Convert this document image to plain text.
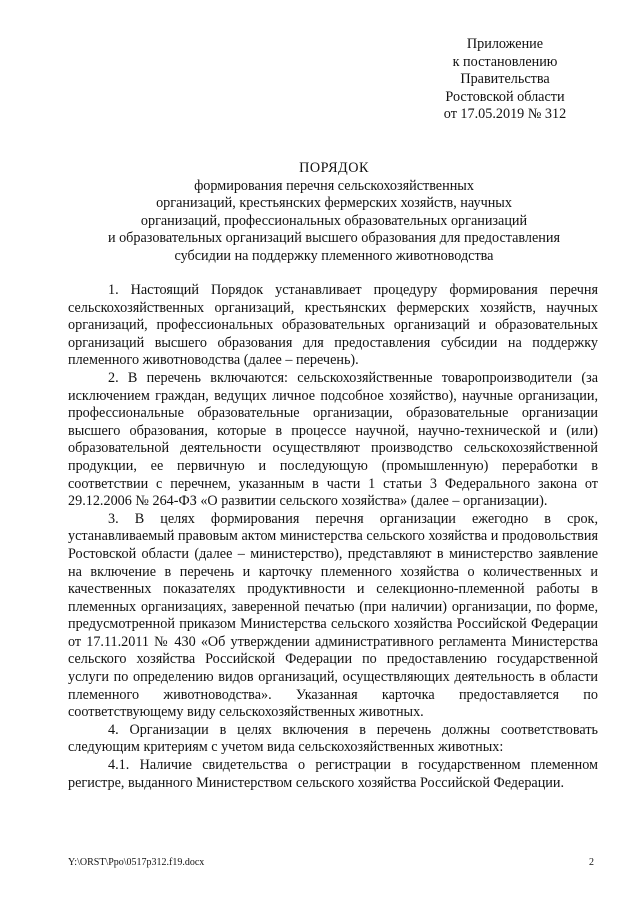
Приложение
к постановлению
Правительства
Ростовской области
от 17.05.2019 № 312
ПОРЯДОК
формирования перечня сельскохозяйственных
организаций, крестьянских фермерских хозяйств, научных
организаций, профессиональных образовательных организаций
и образовательных организаций высшего образования для предоставления
субсидии на поддержку племенного животноводства

1. Настоящий Порядок устанавливает процедуру формирования перечня сельскохозяйственных организаций, крестьянских фермерских хозяйств, научных организаций, профессиональных образовательных организаций и образовательных организаций высшего образования для предоставления субсидии на поддержку племенного животноводства (далее – перечень).

2. В перечень включаются: сельскохозяйственные товаропроизводители (за исключением граждан, ведущих личное подсобное хозяйство), научные организации, профессиональные образовательные организации, образовательные организации высшего образования, которые в процессе научной, научно-технической и (или) образовательной деятельности осуществляют производство сельскохозяйственной продукции, ее первичную и последующую (промышленную) переработки в соответствии с перечнем, указанным в части 1 статьи 3 Федерального закона от 29.12.2006 № 264-ФЗ «О развитии сельского хозяйства» (далее – организации).

3. В целях формирования перечня организации ежегодно в срок, устанавливаемый правовым актом министерства сельского хозяйства и продовольствия Ростовской области (далее – министерство), представляют в министерство заявление на включение в перечень и карточку племенного хозяйства о количественных и качественных показателях продуктивности и селекционно-племенной работы в племенных организациях, заверенной печатью (при наличии) организации, по форме, предусмотренной приказом Министерства сельского хозяйства Российской Федерации от 17.11.2011 № 430 «Об утверждении административного регламента Министерства сельского хозяйства Российской Федерации по предоставлению государственной услуги по определению видов организаций, осуществляющих деятельность в области племенного животноводства». Указанная карточка предоставляется по соответствующему виду сельскохозяйственных животных.

4. Организации в целях включения в перечень должны соответствовать следующим критериям с учетом вида сельскохозяйственных животных:

4.1. Наличие свидетельства о регистрации в государственном племенном регистре, выданного Министерством сельского хозяйства Российской Федерации.

Y:\ORST\Ppo\0517p312.f19.docx	2
